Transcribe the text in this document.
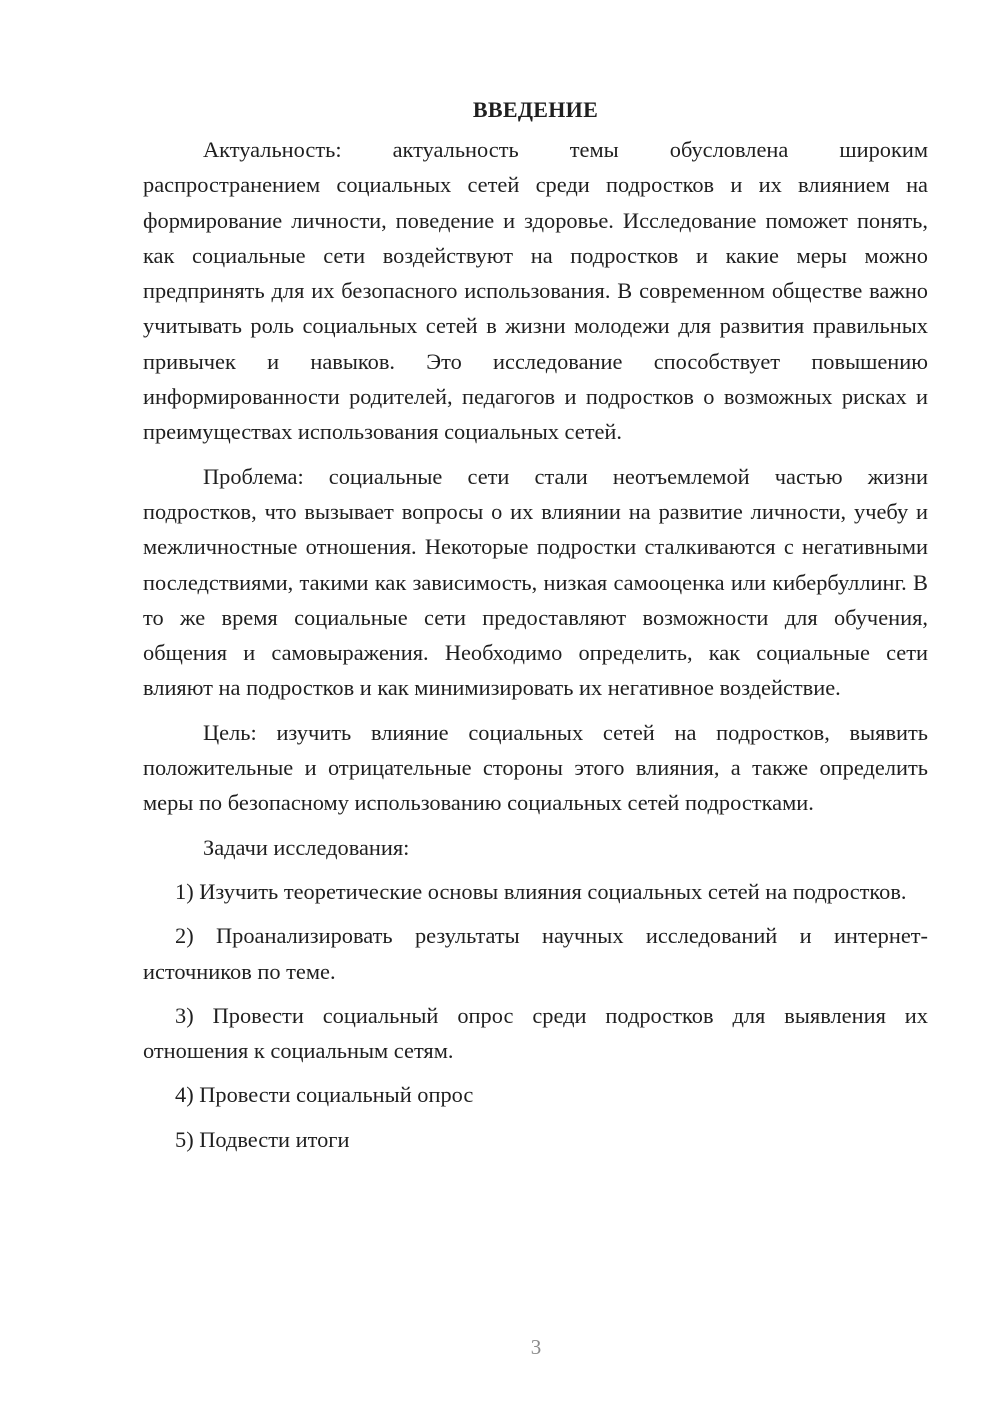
ВВЕДЕНИЕ

Актуальность: актуальность темы обусловлена широким распространением социальных сетей среди подростков и их влиянием на формирование личности, поведение и здоровье. Исследование поможет понять, как социальные сети воздействуют на подростков и какие меры можно предпринять для их безопасного использования. В современном обществе важно учитывать роль социальных сетей в жизни молодежи для развития правильных привычек и навыков. Это исследование способствует повышению информированности родителей, педагогов и подростков о возможных рисках и преимуществах использования социальных сетей.

Проблема: социальные сети стали неотъемлемой частью жизни подростков, что вызывает вопросы о их влиянии на развитие личности, учебу и межличностные отношения. Некоторые подростки сталкиваются с негативными последствиями, такими как зависимость, низкая самооценка или кибербуллинг. В то же время социальные сети предоставляют возможности для обучения, общения и самовыражения. Необходимо определить, как социальные сети влияют на подростков и как минимизировать их негативное воздействие.

Цель: изучить влияние социальных сетей на подростков, выявить положительные и отрицательные стороны этого влияния, а также определить меры по безопасному использованию социальных сетей подростками.

Задачи исследования:

1) Изучить теоретические основы влияния социальных сетей на подростков.

2) Проанализировать результаты научных исследований и интернет-источников по теме.

3) Провести социальный опрос среди подростков для выявления их отношения к социальным сетям.

4) Провести социальный опрос

5) Подвести итоги

3
